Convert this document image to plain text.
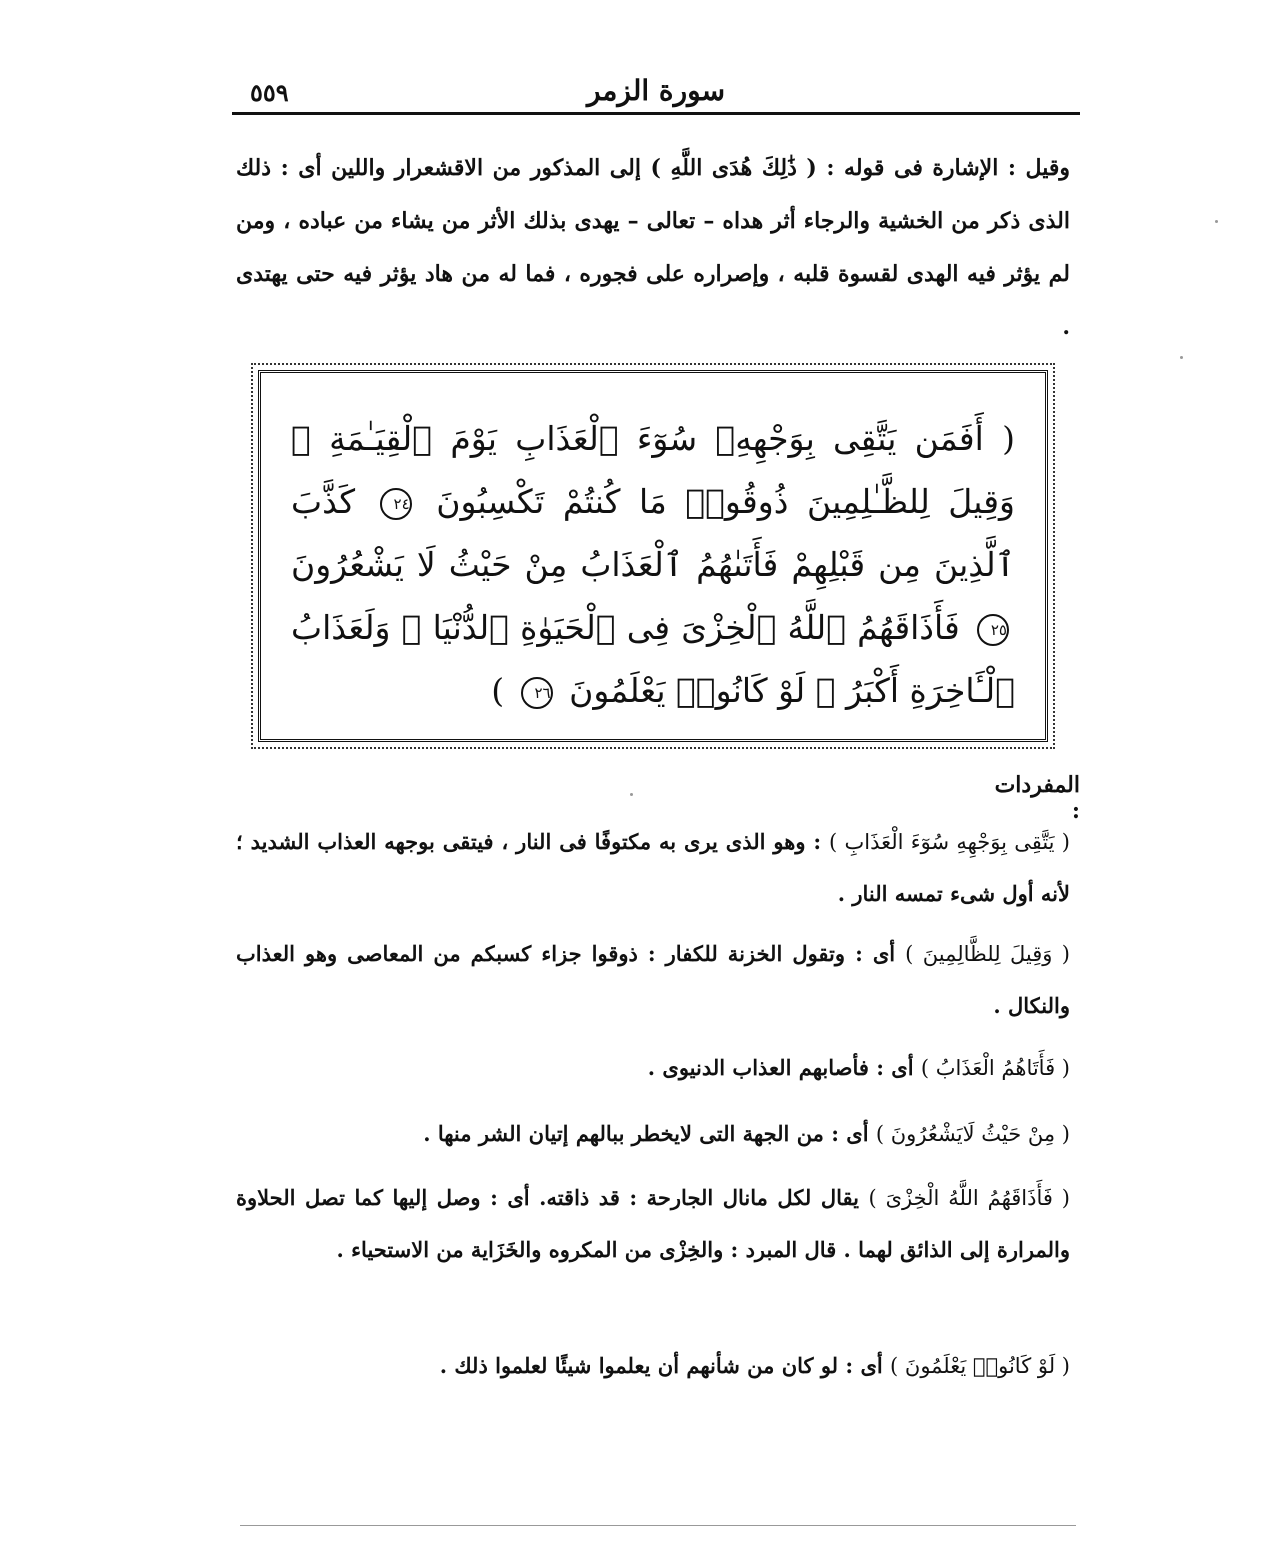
٥٥٩	سورة الزمر

وقيل : الإشارة فى قوله : ( ذَٰلِكَ هُدَى اللَّهِ ) إلى المذكور من الاقشعرار واللين أى : ذلك الذى ذكر من الخشية والرجاء أثر هداه – تعالى – يهدى بذلك الأثر من يشاء من عباده ، ومن لم يؤثر فيه الهدى لقسوة قلبه ، وإصراره على فجوره ، فما له من هاد يؤثر فيه حتى يهتدى .

( أَفَمَن يَتَّقِى بِوَجْهِهِۦ سُوٓءَ ٱلْعَذَابِ يَوْمَ ٱلْقِيَـٰمَةِ ۚ وَقِيلَ لِلظَّـٰلِمِينَ ذُوقُوا۟ مَا كُنتُمْ تَكْسِبُونَ ٢٤ كَذَّبَ ٱلَّذِينَ مِن قَبْلِهِمْ فَأَتَىٰهُمُ ٱلْعَذَابُ مِنْ حَيْثُ لَا يَشْعُرُونَ ٢٥ فَأَذَاقَهُمُ ٱللَّهُ ٱلْخِزْىَ فِى ٱلْحَيَوٰةِ ٱلدُّنْيَا ۖ وَلَعَذَابُ ٱلْـَٔاخِرَةِ أَكْبَرُ ۚ لَوْ كَانُوا۟ يَعْلَمُونَ ٢٦ )

المفردات :

( يَتَّقِى بِوَجْهِهِ سُوٓءَ الْعَذَابِ ) : وهو الذى يرى به مكتوفًا فى النار ، فيتقى بوجهه العذاب الشديد ؛ لأنه أول شىء تمسه النار .

( وَقِيلَ لِلظَّالِمِينَ ) أى : وتقول الخزنة للكفار : ذوقوا جزاء كسبكم من المعاصى وهو العذاب والنكال .

( فَأَتَاهُمُ الْعَذَابُ ) أى : فأصابهم العذاب الدنيوى .

( مِنْ حَيْثُ لَايَشْعُرُونَ ) أى : من الجهة التى لايخطر ببالهم إتيان الشر منها .

( فَأَذَاقَهُمُ اللَّهُ الْخِزْىَ ) يقال لكل مانال الجارحة : قد ذاقته. أى : وصل إليها كما تصل الحلاوة والمرارة إلى الذائق لهما . قال المبرد : والخِزْى من المكروه والخَزَاية من الاستحياء .

( لَوْ كَانُوا۟ يَعْلَمُونَ ) أى : لو كان من شأنهم أن يعلموا شيئًا لعلموا ذلك .
